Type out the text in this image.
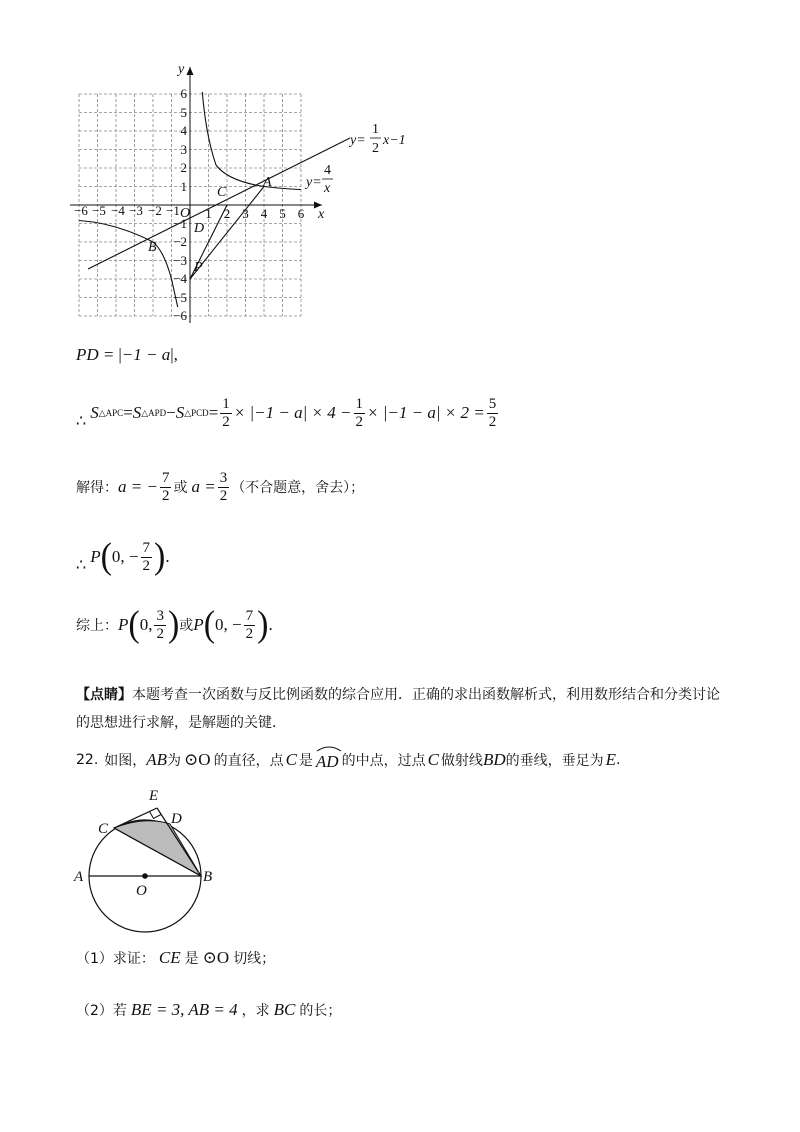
x
y
O
A
B
C
D
P
−6 −5 −4 −3 −2 −1 1 2 3 4 5 6
6
5
4
3
2
1
−1
−2
−3
−4
−5
−6
y=
1
2
x−1
y=
4
x
PD = | −1 − a | ,
∴ S △APC = S △APD − S △PCD = $\frac{1}{2} \times |-1 - a| \times 4 - \frac{1}{2} \times |-1 - a| \times 2 = \frac{5}{2}$
解得： a = − $\frac{7}{2}$ 或 $a = \frac{3}{2}$ （不合题意，舍去）；
∴ P ( 0, − $\frac{7}{2}$ ) .
综上： P ( 0, $\frac{3}{2}$ ) 或 P ( 0, − $\frac{7}{2}$ ) .
【点睛】本题考查一次函数与反比例函数的综合应用．正确的求出函数解析式，利用数形结合和分类讨论
的思想进行求解，是解题的关键．
22. 如图， AB 为 ⊙O 的直径，点 C 是 AD 的中点，过点 C 做射线 BD 的垂线，垂足为 E .
E
D
C
A
O
B
（1）求证： CE 是 ⊙O 切线；
（2）若 BE = 3, AB = 4 ，求 BC 的长；
